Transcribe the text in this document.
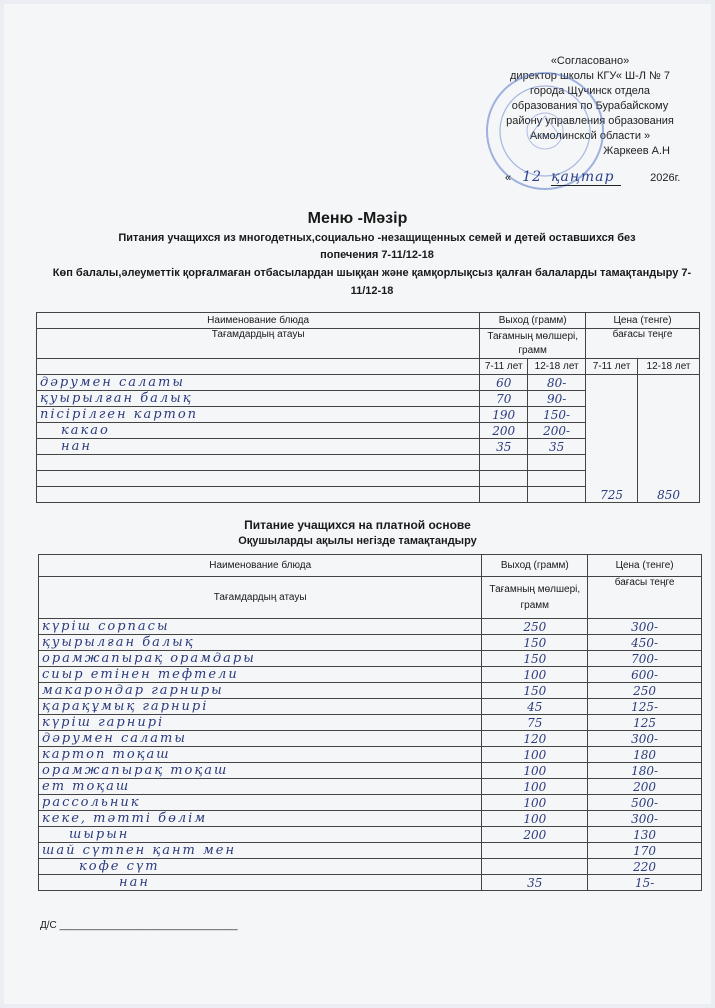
«Согласовано»
директор школы КГУ« Ш-Л № 7
города Щучинск отдела
образования по Бурабайскому
району управления образования
Акмолинской области »
Жаркеев А.Н
« 12 қаңтар	2026г.
Меню -Мәзір
Питания учащихся из многодетных,социально -незащищенных семей и детей оставшихся без попечения 7-11/12-18
Көп балалы,әлеуметтік қорғалмаған отбасылардан шыққан және қамқорлықсыз қалған балаларды тамақтандыру 7-11/12-18
Наименование блюда	Выход (грамм)		Цена (тенге)	
Тағамдардың атауы	Тағамның мөлшері, грамм		бағасы теңге	
	7-11 лет	12-18 лет	7-11 лет	12-18 лет
дәрумен салаты	60	80-	725	850
қуырылған балық	70	90-		
пісірілген картоп	190	150-		
какао	200	200-		
нан	35	35		

Питание учащихся на платной основе
Оқушыларды ақылы негізде тамақтандыру
Наименование блюда	Выход (грамм)	Цена (тенге)
Тағамдардың атауы	Тағамның мөлшері, грамм	бағасы теңге
күріш сорпасы	250	300-
қуырылған балық	150	450-
орамжапырақ орамдары	150	700-
сиыр етінен тефтели	100	600-
макарондар гарниры	150	250
қарақұмық гарнирі	45	125-
күріш гарнирі	75	125
дәрумен салаты	120	300-
картоп тоқаш	100	180
орамжапырақ тоқаш	100	180-
ет тоқаш	100	200
рассольник	100	500-
кеке, тәтті бөлім	100	300-
шырын	200	130
шай сүтпен қант мен		170
кофе сүт		220
нан	35	15-
Д/С ________________________________
